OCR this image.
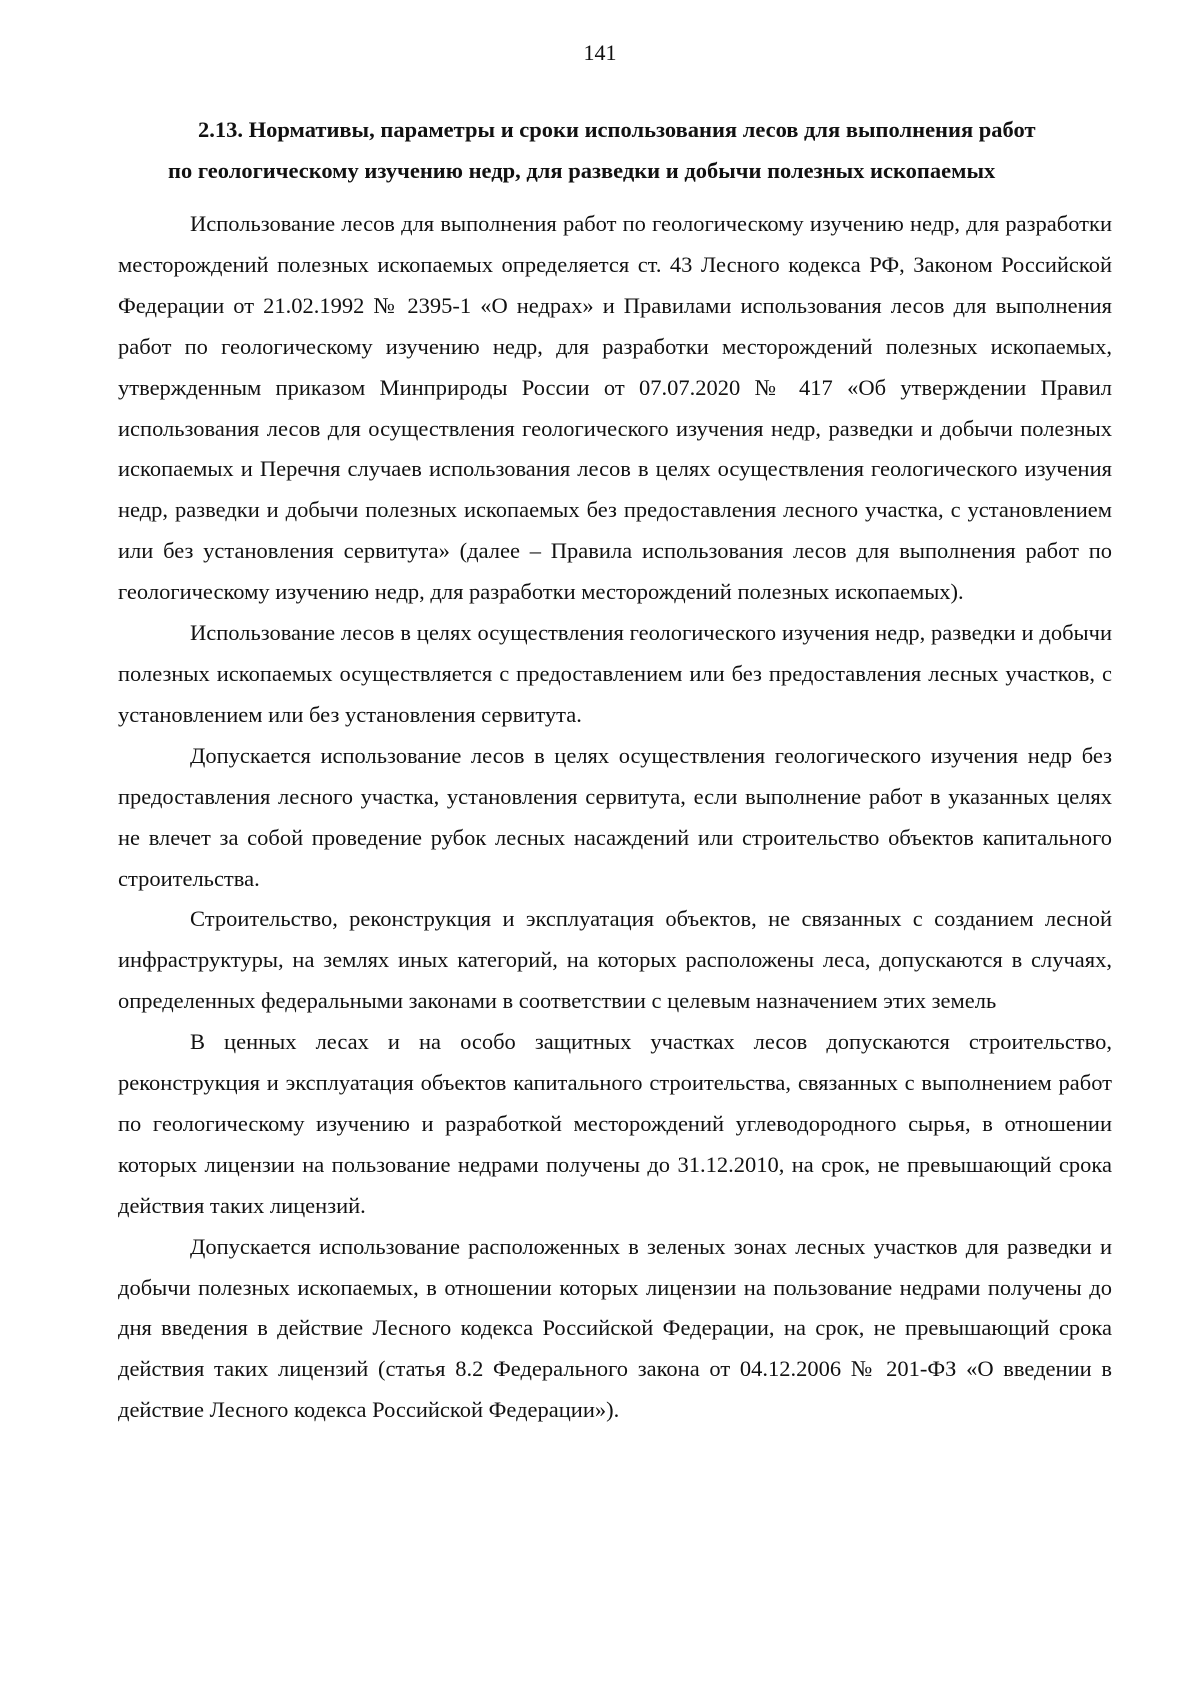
141
2.13. Нормативы, параметры и сроки использования лесов для выполнения работ
по геологическому изучению недр, для разведки и добычи полезных ископаемых

Использование лесов для выполнения работ по геологическому изучению недр, для разработки месторождений полезных ископаемых определяется ст. 43 Лесного кодекса РФ, Законом Российской Федерации от 21.02.1992 № 2395-1 «О недрах» и Правилами использования лесов для выполнения работ по геологическому изучению недр, для разработки месторождений полезных ископаемых, утвержденным приказом Минприроды России от 07.07.2020 № 417 «Об утверждении Правил использования лесов для осуществления геологического изучения недр, разведки и добычи полезных ископаемых и Перечня случаев использования лесов в целях осуществления геологического изучения недр, разведки и добычи полезных ископаемых без предоставления лесного участка, с установлением или без установления сервитута» (далее – Правила использования лесов для выполнения работ по геологическому изучению недр, для разработки месторождений полезных ископаемых).

Использование лесов в целях осуществления геологического изучения недр, разведки и добычи полезных ископаемых осуществляется с предоставлением или без предоставления лесных участков, с установлением или без установления сервитута.

Допускается использование лесов в целях осуществления геологического изучения недр без предоставления лесного участка, установления сервитута, если выполнение работ в указанных целях не влечет за собой проведение рубок лесных насаждений или строительство объектов капитального строительства.

Строительство, реконструкция и эксплуатация объектов, не связанных с созданием лесной инфраструктуры, на землях иных категорий, на которых расположены леса, допускаются в случаях, определенных федеральными законами в соответствии с целевым назначением этих земель

В ценных лесах и на особо защитных участках лесов допускаются строительство, реконструкция и эксплуатация объектов капитального строительства, связанных с выполнением работ по геологическому изучению и разработкой месторождений углеводородного сырья, в отношении которых лицензии на пользование недрами получены до 31.12.2010, на срок, не превышающий срока действия таких лицензий.

Допускается использование расположенных в зеленых зонах лесных участков для разведки и добычи полезных ископаемых, в отношении которых лицензии на пользование недрами получены до дня введения в действие Лесного кодекса Российской Федерации, на срок, не превышающий срока действия таких лицензий (статья 8.2 Федерального закона от 04.12.2006 № 201-ФЗ «О введении в действие Лесного кодекса Российской Федерации»).
